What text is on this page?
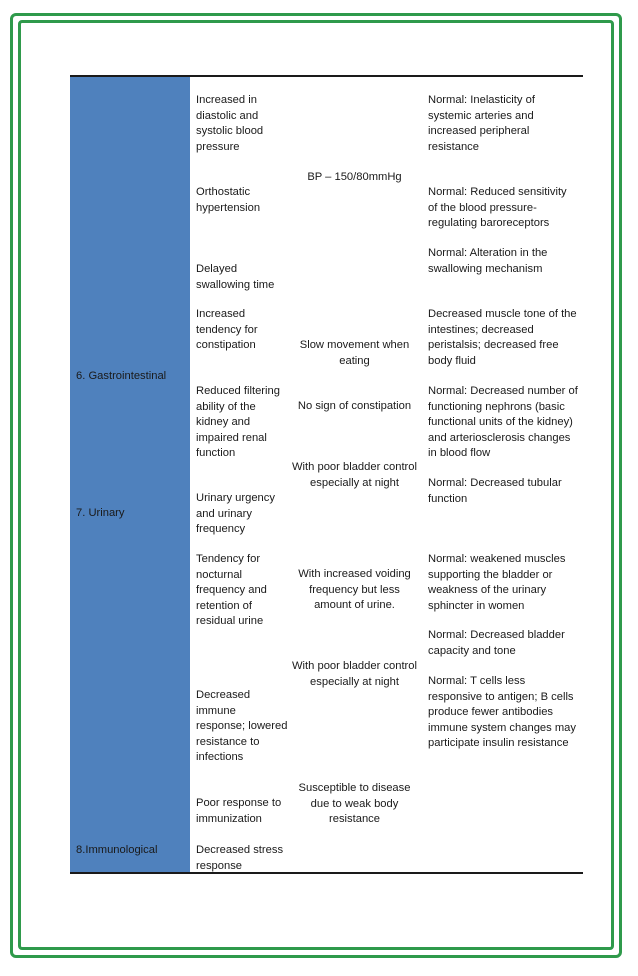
6. Gastrointestinal

7. Urinary

8.Immunological

Increased in diastolic and systolic blood pressure

Orthostatic hypertension

Delayed swallowing time

Increased tendency for constipation

Reduced filtering ability of the kidney and impaired renal function

Urinary urgency and urinary frequency

Tendency for nocturnal frequency and retention of residual urine

Decreased immune response; lowered resistance to infections

Poor response to immunization

Decreased stress response

BP – 150/80mmHg

Slow movement when eating

No sign of constipation

With poor bladder control especially at night

With increased voiding frequency but less amount of urine.

With poor bladder control especially at night

Susceptible to disease due to weak body resistance

Normal: Inelasticity of systemic arteries and increased peripheral resistance

Normal: Reduced sensitivity of the blood pressure-regulating baroreceptors

Normal: Alteration in the swallowing mechanism

Decreased muscle tone of the intestines; decreased peristalsis; decreased free body fluid

Normal: Decreased number of functioning nephrons (basic functional units of the kidney) and arteriosclerosis changes in blood flow

Normal: Decreased tubular function

Normal: weakened muscles supporting the bladder or weakness of the urinary sphincter in women

Normal: Decreased bladder capacity and tone

Normal: T cells less responsive to antigen; B cells produce fewer antibodies immune system changes may participate insulin resistance
